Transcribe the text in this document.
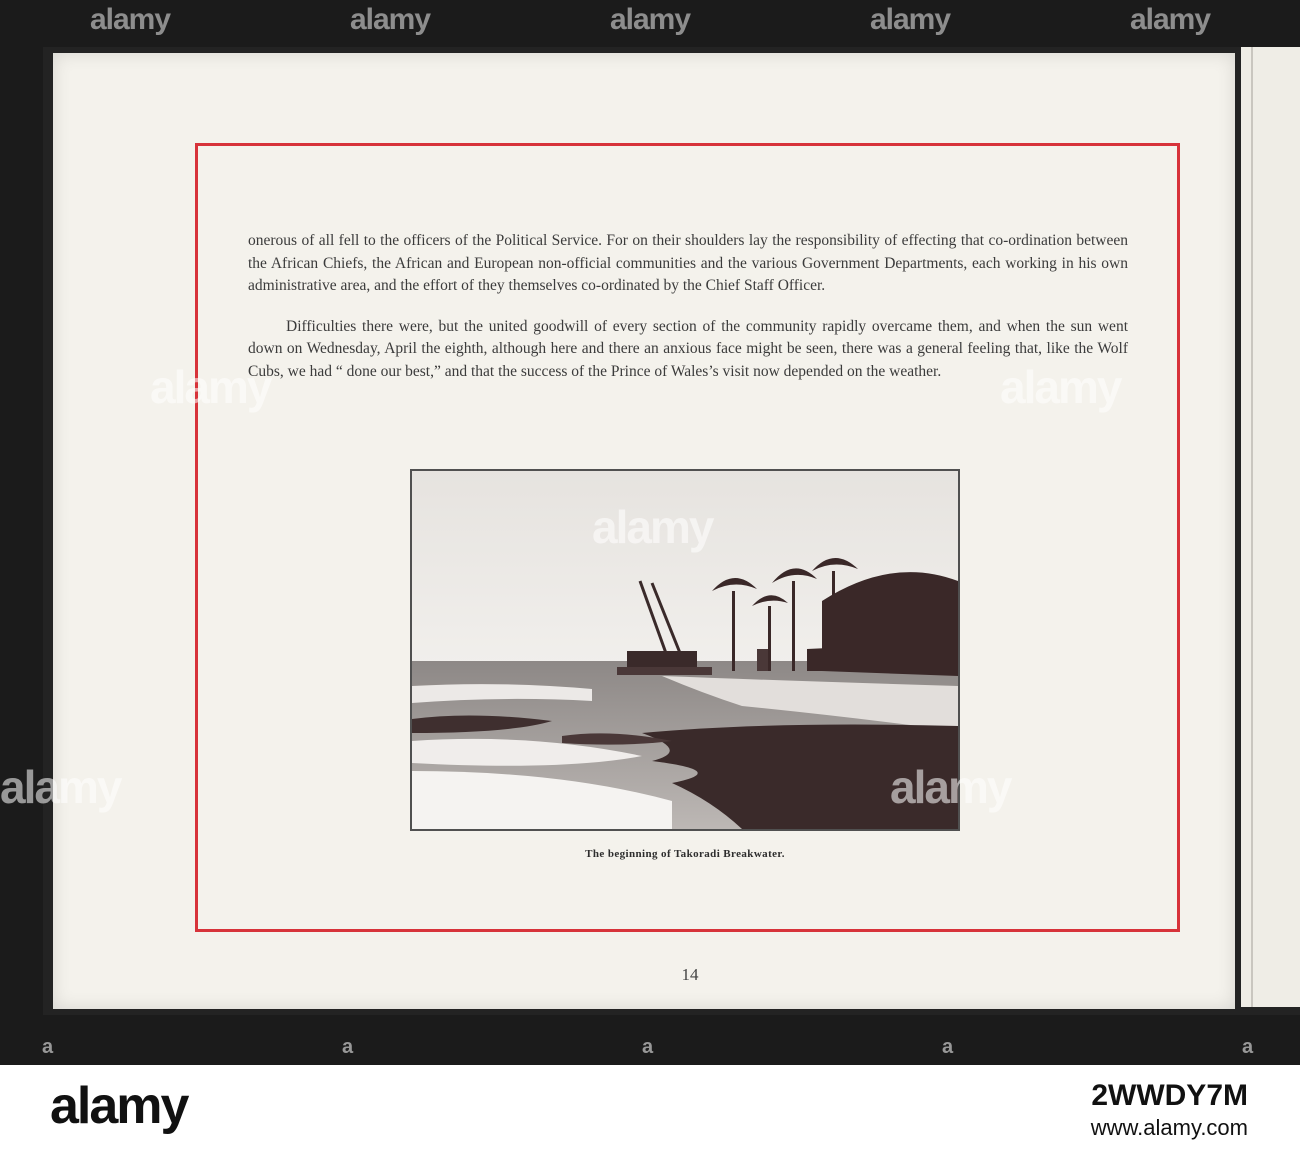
alamy	alamy	alamy	alamy	alamy

onerous of all fell to the officers of the Political Service. For on their shoulders lay the responsibility of effecting that co-ordination between the African Chiefs, the African and European non-official communities and the various Government Departments, each working in his own administrative area, and the effort of they themselves co-ordinated by the Chief Staff Officer.

Difficulties there were, but the united goodwill of every section of the community rapidly overcame them, and when the sun went down on Wednesday, April the eighth, although here and there an anxious face might be seen, there was a general feeling that, like the Wolf Cubs, we had “ done our best,” and that the success of the Prince of Wales’s visit now depended on the weather.

The beginning of Takoradi Breakwater.
14
alamy	alamy
alamy
alamy
alamy
a	a	a	a	a
alamy	2WWDY7M
www.alamy.com
